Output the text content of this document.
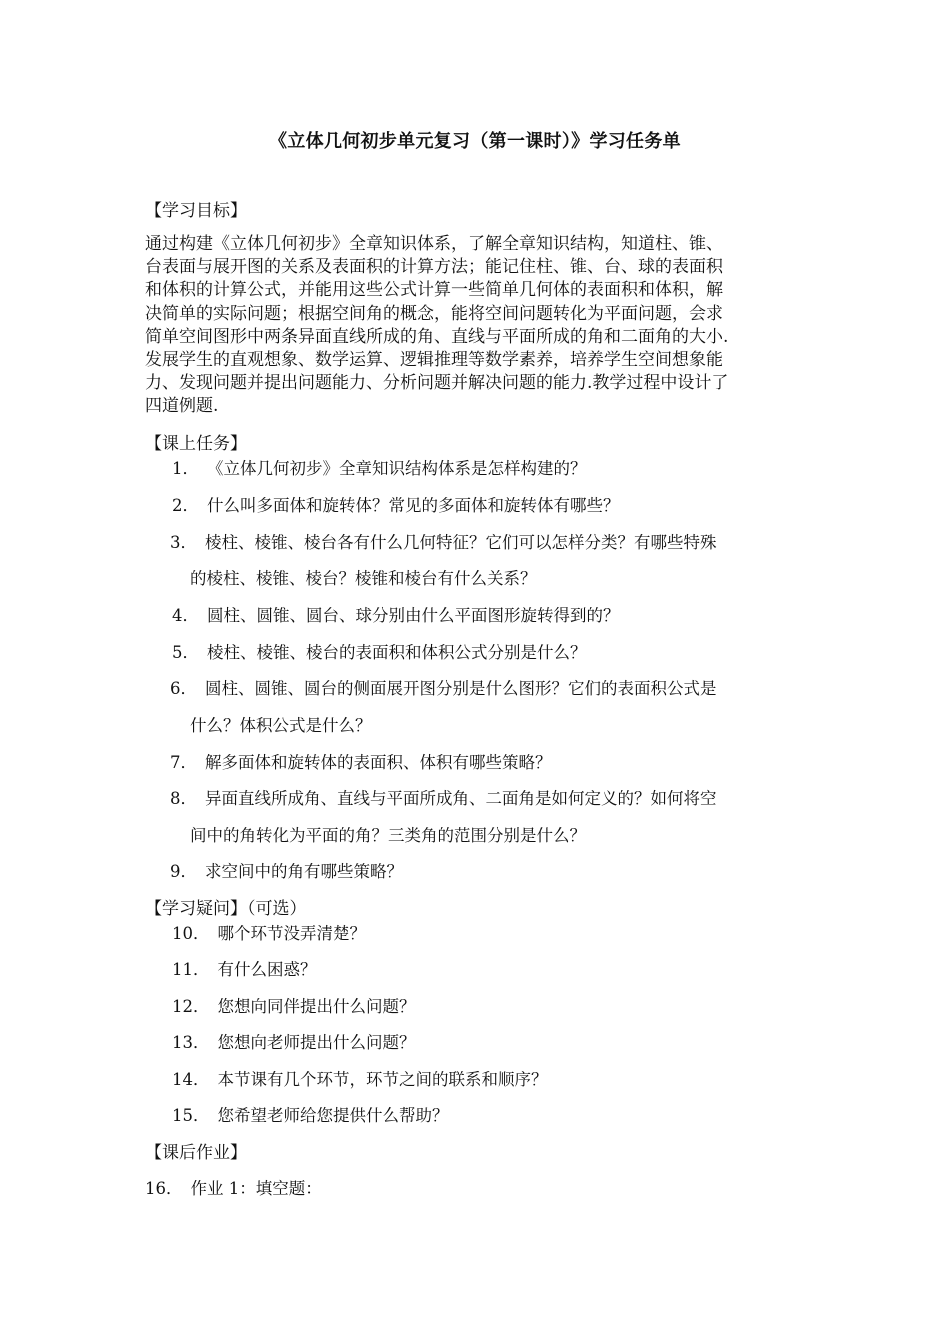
《立体几何初步单元复习（第一课时）》学习任务单
【学习目标】
通过构建《立体几何初步》全章知识体系，了解全章知识结构，知道柱、锥、
台表面与展开图的关系及表面积的计算方法；能记住柱、锥、台、球的表面积
和体积的计算公式，并能用这些公式计算一些简单几何体的表面积和体积，解
决简单的实际问题；根据空间角的概念，能将空间问题转化为平面问题，会求
简单空间图形中两条异面直线所成的角、直线与平面所成的角和二面角的大小.
发展学生的直观想象、数学运算、逻辑推理等数学素养，培养学生空间想象能
力、发现问题并提出问题能力、分析问题并解决问题的能力.教学过程中设计了
四道例题.
【课上任务】
1． 《立体几何初步》全章知识结构体系是怎样构建的？
2． 什么叫多面体和旋转体？常见的多面体和旋转体有哪些？
3． 棱柱、棱锥、棱台各有什么几何特征？它们可以怎样分类？有哪些特殊
的棱柱、棱锥、棱台？棱锥和棱台有什么关系？
4． 圆柱、圆锥、圆台、球分别由什么平面图形旋转得到的？
5． 棱柱、棱锥、棱台的表面积和体积公式分别是什么？
6． 圆柱、圆锥、圆台的侧面展开图分别是什么图形？它们的表面积公式是
什么？体积公式是什么？
7． 解多面体和旋转体的表面积、体积有哪些策略？
8． 异面直线所成角、直线与平面所成角、二面角是如何定义的？如何将空
间中的角转化为平面的角？三类角的范围分别是什么？
9． 求空间中的角有哪些策略？
【学习疑问】（可选）
10． 哪个环节没弄清楚？
11． 有什么困惑？
12． 您想向同伴提出什么问题？
13． 您想向老师提出什么问题？
14． 本节课有几个环节，环节之间的联系和顺序？
15． 您希望老师给您提供什么帮助？
【课后作业】
16． 作业 1：填空题：
